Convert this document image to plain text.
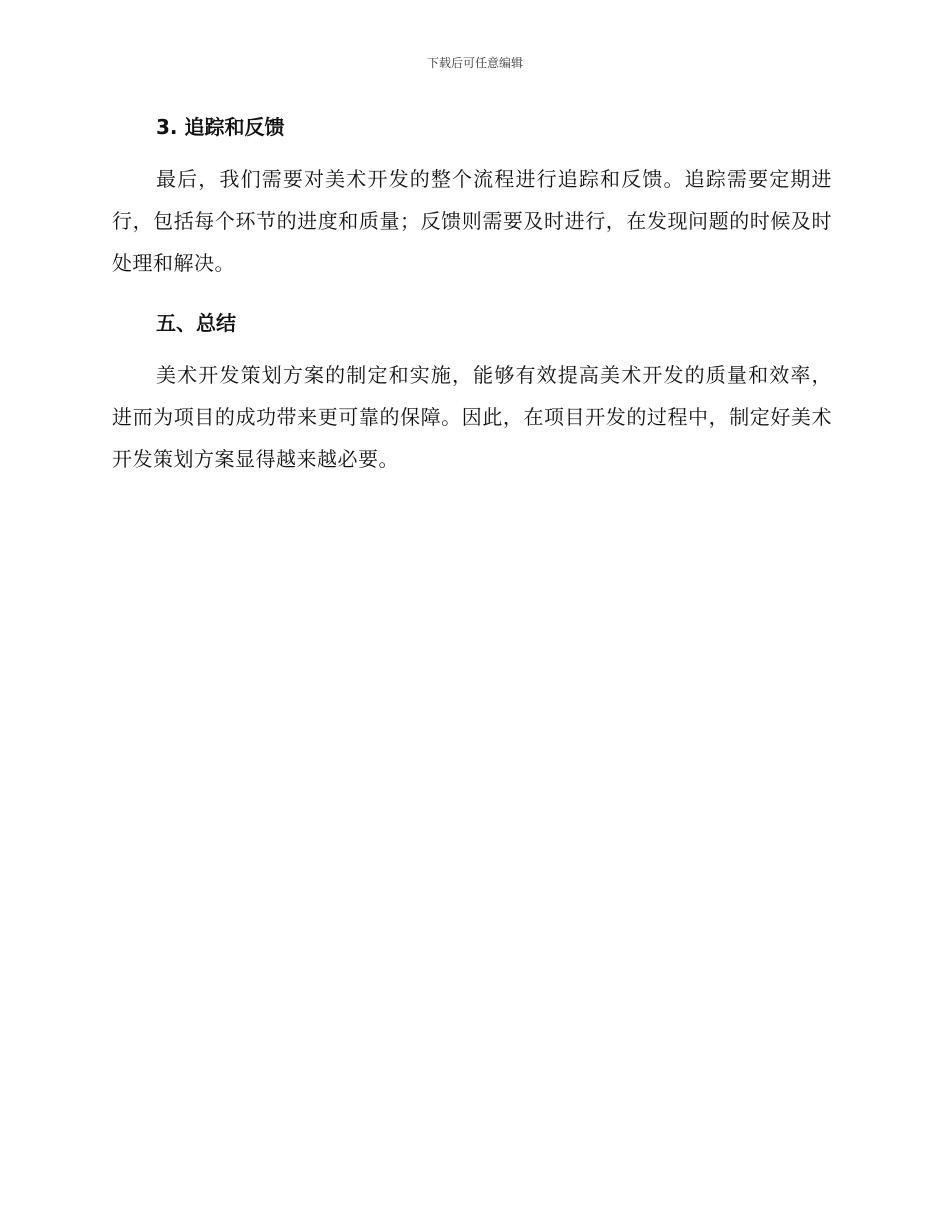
下载后可任意编辑
3. 追踪和反馈

最后，我们需要对美术开发的整个流程进行追踪和反馈。追踪需要定期进行，包括每个环节的进度和质量；反馈则需要及时进行，在发现问题的时候及时处理和解决。

五、总结

美术开发策划方案的制定和实施，能够有效提高美术开发的质量和效率，进而为项目的成功带来更可靠的保障。因此，在项目开发的过程中，制定好美术开发策划方案显得越来越必要。
